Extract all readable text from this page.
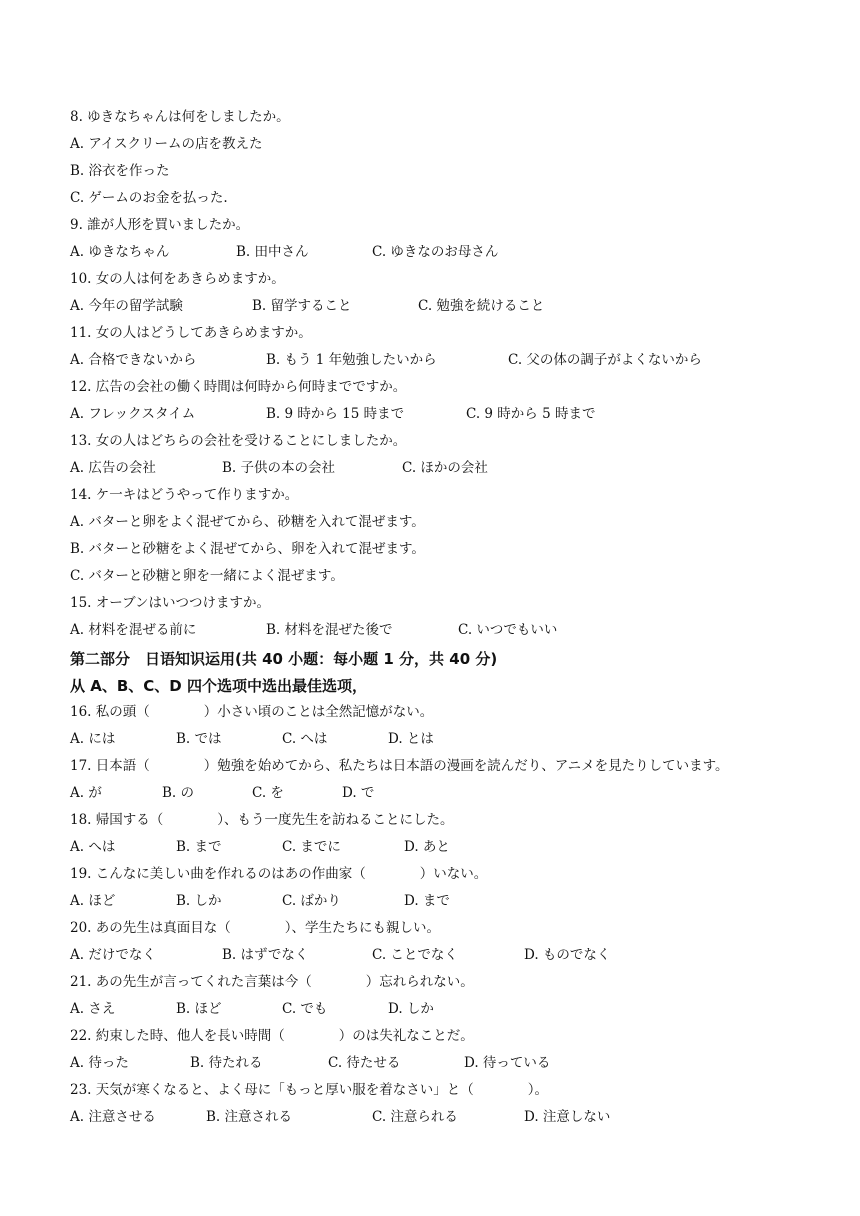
8. ゆきなちゃんは何をしましたか。
A. アイスクリームの店を教えた
B. 浴衣を作った
C. ゲームのお金を払った.
9. 誰が人形を買いましたか。
A. ゆきなちゃん	B. 田中さん	C. ゆきなのお母さん
10. 女の人は何をあきらめますか。
A. 今年の留学試験	B. 留学すること	C. 勉強を続けること
11. 女の人はどうしてあきらめますか。
A. 合格できないから	B. もう 1 年勉強したいから	C. 父の体の調子がよくないから
12. 広告の会社の働く時間は何時から何時までですか。
A. フレックスタイム	B. 9 時から 15 時まで	C. 9 時から 5 時まで
13. 女の人はどちらの会社を受けることにしましたか。
A. 広告の会社	B. 子供の本の会社	C. ほかの会社
14. ケ一キはどうやって作りますか。
A. バターと卵をよく混ぜてから、砂糖を入れて混ぜます。
B. バターと砂糖をよく混ぜてから、卵を入れて混ぜます。
C. バターと砂糖と卵を一緒によく混ぜます。
15. オーブンはいつつけますか。
A. 材料を混ぜる前に	B. 材料を混ぜた後で	C. いつでもいい
第二部分　日语知识运用(共 40 小题：每小题 1 分，共 40 分)
从 A、B、C、D 四个选项中选出最佳选项，
16. 私の頭（　　　　）小さい頃のことは全然記憶がない。
A. には	B. では	C. へは	D. とは
17. 日本語（　　　　）勉強を始めてから、私たちは日本語の漫画を読んだり、アニメを見たりしています。
A. が	B. の	C. を	D. で
18. 帰国する（　　　　）、もう一度先生を訪ねることにした。
A. へは	B. まで	C. までに	D. あと
19. こんなに美しい曲を作れるのはあの作曲家（　　　　）いない。
A. ほど	B. しか	C. ばかり	D. まで
20. あの先生は真面目な（　　　　）、学生たちにも親しい。
A. だけでなく	B. はずでなく	C. ことでなく	D. ものでなく
21. あの先生が言ってくれた言葉は今（　　　　）忘れられない。
A. さえ	B. ほど	C. でも	D. しか
22. 約束した時、他人を長い時間（　　　　）のは失礼なことだ。
A. 待った	B. 待たれる	C. 待たせる	D. 待っている
23. 天気が寒くなると、よく母に「もっと厚い服を着なさい」と（　　　　）。
A. 注意させる	B. 注意される	C. 注意られる	D. 注意しない
